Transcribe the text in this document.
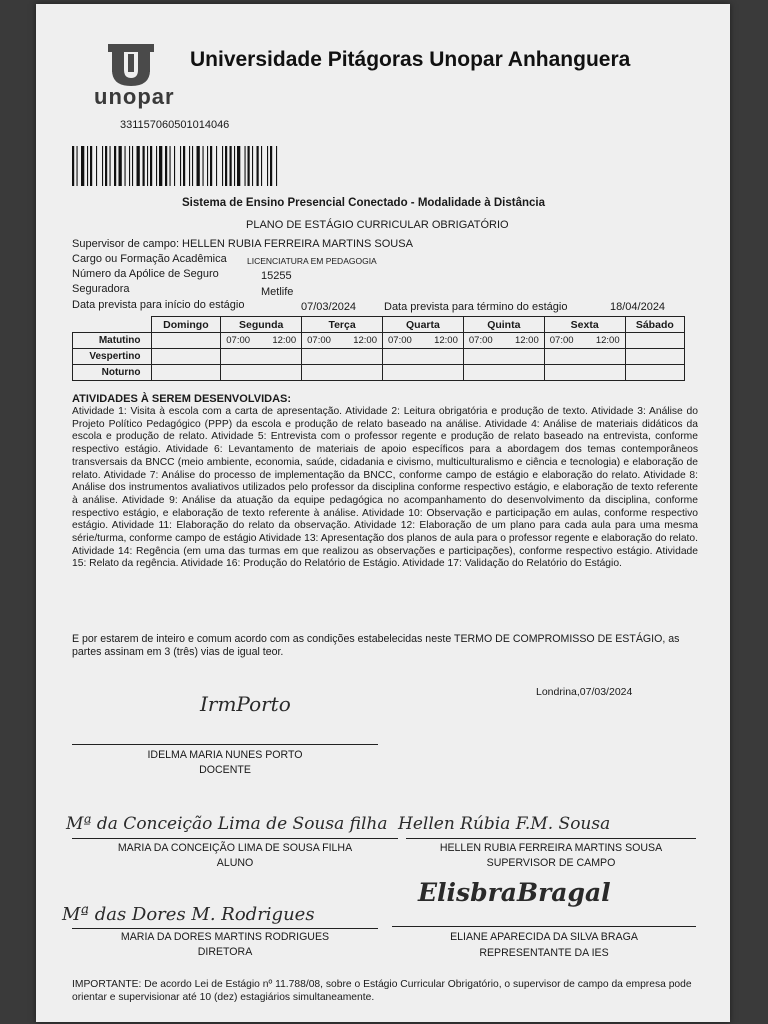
unopar
Universidade Pitágoras Unopar Anhanguera
331157060501014046
Sistema de Ensino Presencial Conectado - Modalidade à Distância
PLANO DE ESTÁGIO CURRICULAR OBRIGATÓRIO
Supervisor de campo: HELLEN RUBIA FERREIRA MARTINS SOUSA
Cargo ou Formação Acadêmica LICENCIATURA EM PEDAGOGIA
Número da Apólice de Seguro	15255
Seguradora	Metlife
Data prevista para início do estágio	07/03/2024	Data prevista para término do estágio	18/04/2024
	Domingo	Segunda	Terça	Quarta	Quinta	Sexta	Sábado
Matutino		07:00 12:00	07:00 12:00	07:00 12:00	07:00 12:00	07:00 12:00	

Vespertino							
Noturno							
ATIVIDADES À SEREM DESENVOLVIDAS:
Atividade 1: Visita à escola com a carta de apresentação. Atividade 2: Leitura obrigatória e produção de texto. Atividade 3: Análise do Projeto Político Pedagógico (PPP) da escola e produção de relato baseado na análise. Atividade 4: Análise de materiais didáticos da escola e produção de relato. Atividade 5: Entrevista com o professor regente e produção de relato baseado na entrevista, conforme respectivo estágio. Atividade 6: Levantamento de materiais de apoio específicos para a abordagem dos temas contemporâneos transversais da BNCC (meio ambiente, economia, saúde, cidadania e civismo, multiculturalismo e ciência e tecnologia) e elaboração de relato. Atividade 7: Análise do processo de implementação da BNCC, conforme campo de estágio e elaboração do relato. Atividade 8: Análise dos instrumentos avaliativos utilizados pelo professor da disciplina conforme respectivo estágio, e elaboração de texto referente à análise. Atividade 9: Análise da atuação da equipe pedagógica no acompanhamento do desenvolvimento da disciplina, conforme respectivo estágio, e elaboração de texto referente à análise. Atividade 10: Observação e participação em aulas, conforme respectivo estágio. Atividade 11: Elaboração do relato da observação. Atividade 12: Elaboração de um plano para cada aula para uma mesma série/turma, conforme campo de estágio Atividade 13: Apresentação dos planos de aula para o professor regente e elaboração do relato. Atividade 14: Regência (em uma das turmas em que realizou as observações e participações), conforme respectivo estágio. Atividade 15: Relato da regência. Atividade 16: Produção do Relatório de Estágio. Atividade 17: Validação do Relatório do Estágio.
E por estarem de inteiro e comum acordo com as condições estabelecidas neste TERMO DE COMPROMISSO DE ESTÁGIO, as partes assinam em 3 (três) vias de igual teor.
Londrina,07/03/2024
IrmPorto
IDELMA MARIA NUNES PORTO
DOCENTE
Mª da Conceição Lima de Sousa filha
MARIA DA CONCEIÇÃO LIMA DE SOUSA FILHA
ALUNO
Hellen Rúbia F.M. Sousa
HELLEN RUBIA FERREIRA MARTINS SOUSA
SUPERVISOR DE CAMPO
Mª das Dores M. Rodrigues
MARIA DA DORES MARTINS RODRIGUES
DIRETORA
ElisbraBragal
ELIANE APARECIDA DA SILVA BRAGA
REPRESENTANTE DA IES
IMPORTANTE: De acordo Lei de Estágio nº 11.788/08, sobre o Estágio Curricular Obrigatório, o supervisor de campo da empresa pode orientar e supervisionar até 10 (dez) estagiários simultaneamente.
